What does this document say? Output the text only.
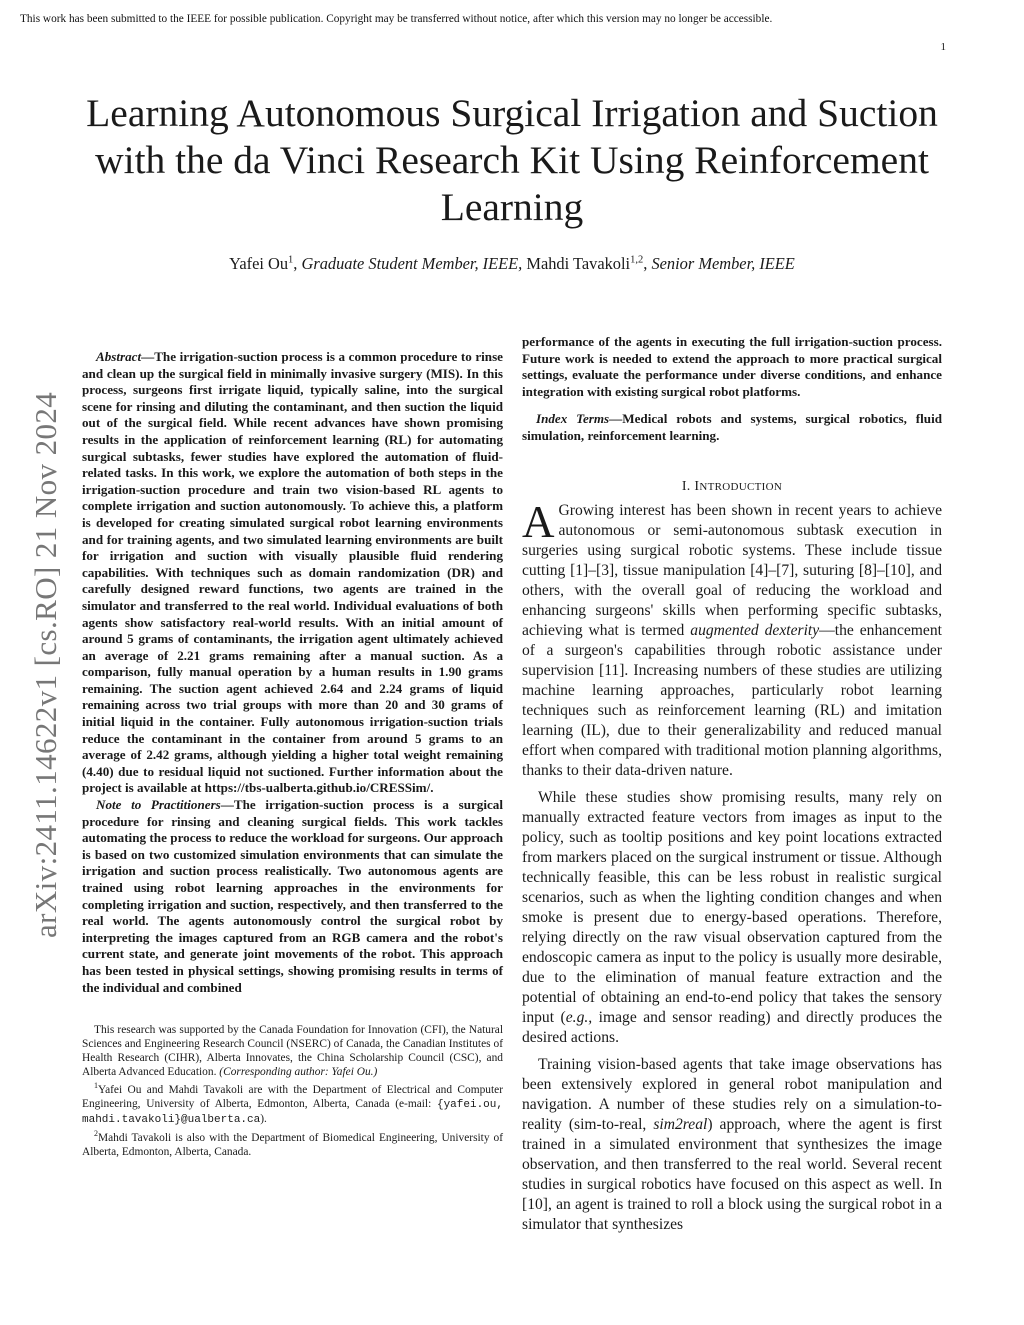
This work has been submitted to the IEEE for possible publication. Copyright may be transferred without notice, after which this version may no longer be accessible.
1
Learning Autonomous Surgical Irrigation and Suction with the da Vinci Research Kit Using Reinforcement Learning
Yafei Ou$^1$, Graduate Student Member, IEEE, Mahdi Tavakoli$^{1,2}$, Senior Member, IEEE
arXiv:2411.14622v1 [cs.RO] 21 Nov 2024

Abstract—The irrigation-suction process is a common procedure to rinse and clean up the surgical field in minimally invasive surgery (MIS). In this process, surgeons first irrigate liquid, typically saline, into the surgical scene for rinsing and diluting the contaminant, and then suction the liquid out of the surgical field. While recent advances have shown promising results in the application of reinforcement learning (RL) for automating surgical subtasks, fewer studies have explored the automation of fluid-related tasks. In this work, we explore the automation of both steps in the irrigation-suction procedure and train two vision-based RL agents to complete irrigation and suction autonomously. To achieve this, a platform is developed for creating simulated surgical robot learning environments and for training agents, and two simulated learning environments are built for irrigation and suction with visually plausible fluid rendering capabilities. With techniques such as domain randomization (DR) and carefully designed reward functions, two agents are trained in the simulator and transferred to the real world. Individual evaluations of both agents show satisfactory real-world results. With an initial amount of around 5 grams of contaminants, the irrigation agent ultimately achieved an average of 2.21 grams remaining after a manual suction. As a comparison, fully manual operation by a human results in 1.90 grams remaining. The suction agent achieved 2.64 and 2.24 grams of liquid remaining across two trial groups with more than 20 and 30 grams of initial liquid in the container. Fully autonomous irrigation-suction trials reduce the contaminant in the container from around 5 grams to an average of 2.42 grams, although yielding a higher total weight remaining (4.40) due to residual liquid not suctioned. Further information about the project is available at https://tbs-ualberta.github.io/CRESSim/.

Note to Practitioners—The irrigation-suction process is a surgical procedure for rinsing and cleaning surgical fields. This work tackles automating the process to reduce the workload for surgeons. Our approach is based on two customized simulation environments that can simulate the irrigation and suction process realistically. Two autonomous agents are trained using robot learning approaches in the environments for completing irrigation and suction, respectively, and then transferred to the real world. The agents autonomously control the surgical robot by interpreting the images captured from an RGB camera and the robot's current state, and generate joint movements of the robot. This approach has been tested in physical settings, showing promising results in terms of the individual and combined

This research was supported by the Canada Foundation for Innovation (CFI), the Natural Sciences and Engineering Research Council (NSERC) of Canada, the Canadian Institutes of Health Research (CIHR), Alberta Innovates, the China Scholarship Council (CSC), and Alberta Advanced Education. (Corresponding author: Yafei Ou.)

$^1$Yafei Ou and Mahdi Tavakoli are with the Department of Electrical and Computer Engineering, University of Alberta, Edmonton, Alberta, Canada (e-mail: {yafei.ou, mahdi.tavakoli}@ualberta.ca).

$^2$Mahdi Tavakoli is also with the Department of Biomedical Engineering, University of Alberta, Edmonton, Alberta, Canada.

performance of the agents in executing the full irrigation-suction process. Future work is needed to extend the approach to more practical surgical settings, evaluate the performance under diverse conditions, and enhance integration with existing surgical robot platforms.

Index Terms—Medical robots and systems, surgical robotics, fluid simulation, reinforcement learning.

I. INTRODUCTION

A Growing interest has been shown in recent years to achieve autonomous or semi-autonomous subtask execution in surgeries using surgical robotic systems. These include tissue cutting [1]–[3], tissue manipulation [4]–[7], suturing [8]–[10], and others, with the overall goal of reducing the workload and enhancing surgeons' skills when performing specific subtasks, achieving what is termed augmented dexterity—the enhancement of a surgeon's capabilities through robotic assistance under supervision [11]. Increasing numbers of these studies are utilizing machine learning approaches, particularly robot learning techniques such as reinforcement learning (RL) and imitation learning (IL), due to their generalizability and reduced manual effort when compared with traditional motion planning algorithms, thanks to their data-driven nature.

While these studies show promising results, many rely on manually extracted feature vectors from images as input to the policy, such as tooltip positions and key point locations extracted from markers placed on the surgical instrument or tissue. Although technically feasible, this can be less robust in realistic surgical scenarios, such as when the lighting condition changes and when smoke is present due to energy-based operations. Therefore, relying directly on the raw visual observation captured from the endoscopic camera as input to the policy is usually more desirable, due to the elimination of manual feature extraction and the potential of obtaining an end-to-end policy that takes the sensory input (e.g., image and sensor reading) and directly produces the desired actions.

Training vision-based agents that take image observations has been extensively explored in general robot manipulation and navigation. A number of these studies rely on a simulation-to-reality (sim-to-real, sim2real) approach, where the agent is first trained in a simulated environment that synthesizes the image observation, and then transferred to the real world. Several recent studies in surgical robotics have focused on this aspect as well. In [10], an agent is trained to roll a block using the surgical robot in a simulator that synthesizes
